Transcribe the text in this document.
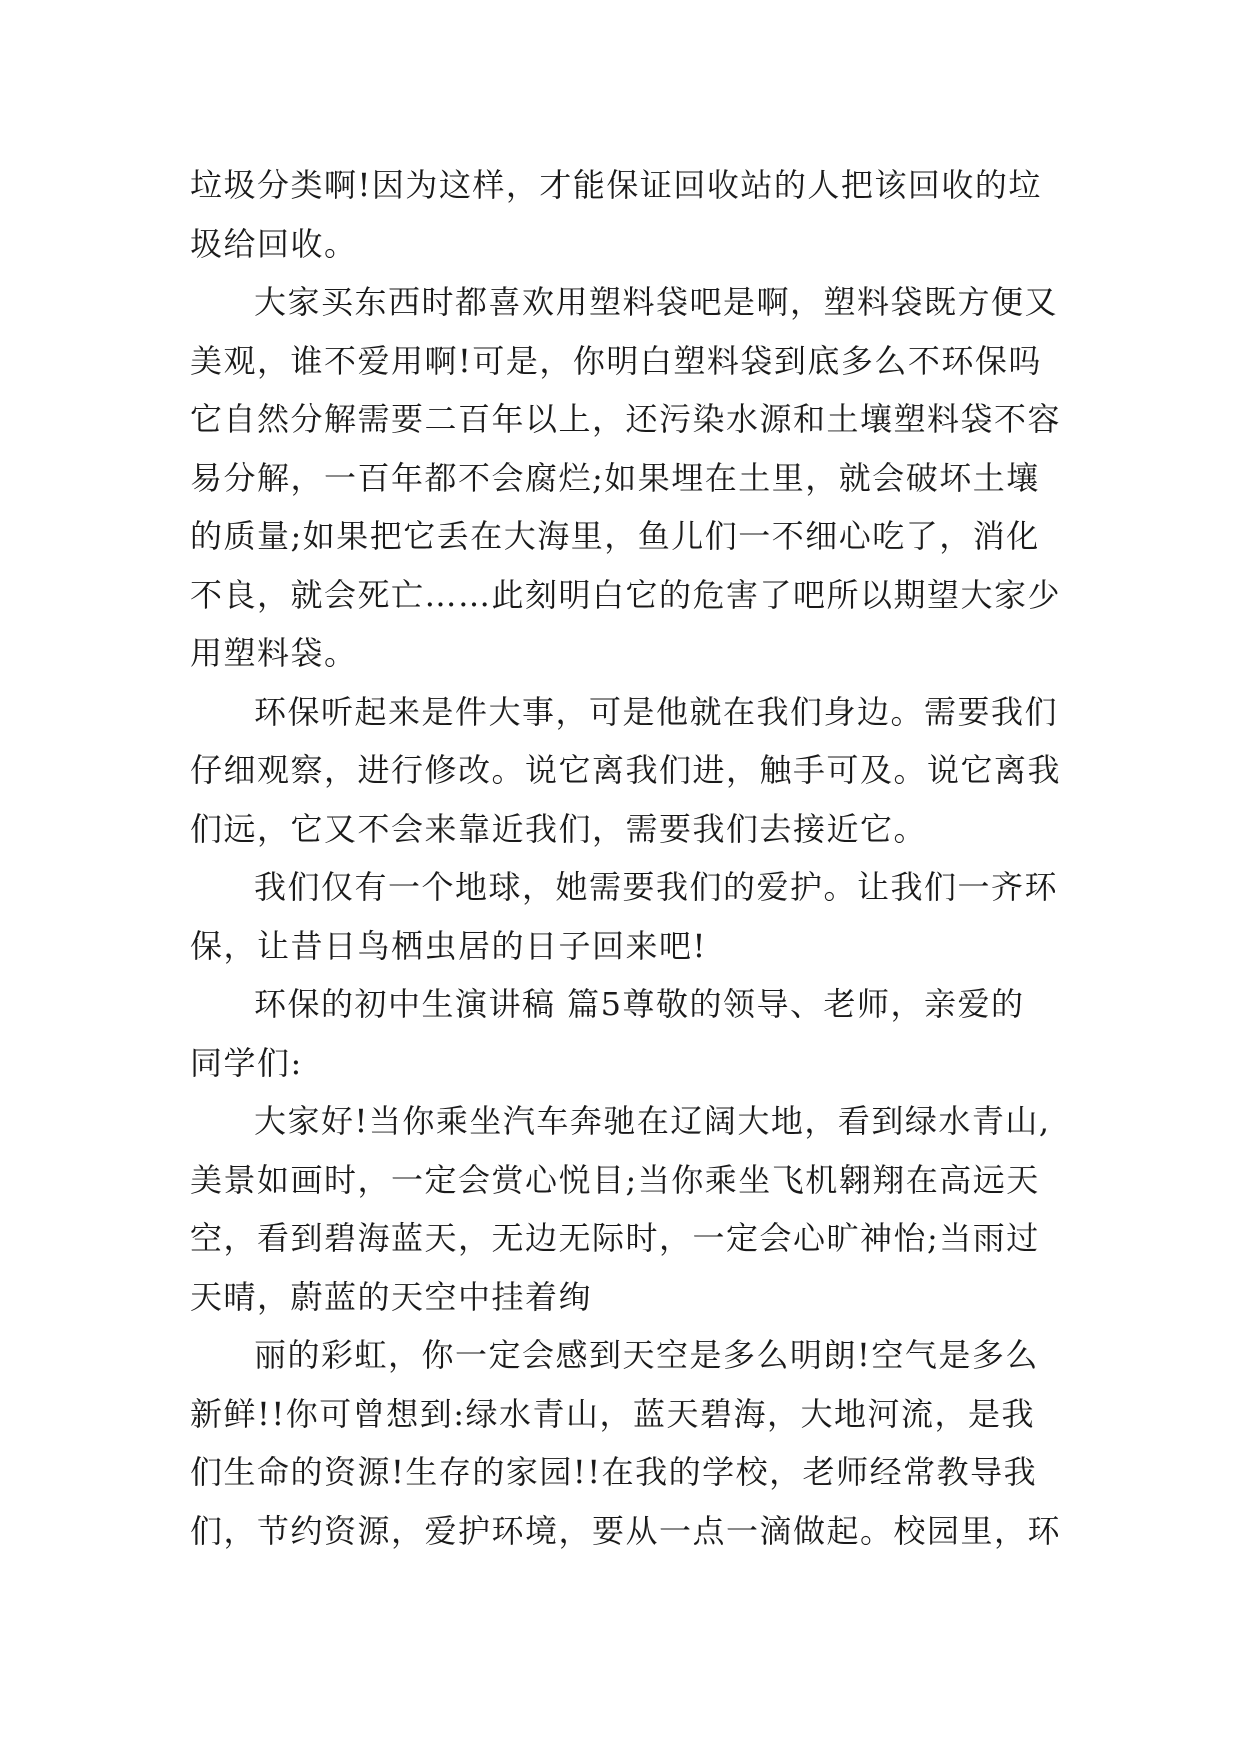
垃圾分类啊!因为这样，才能保证回收站的人把该回收的垃
圾给回收。
大家买东西时都喜欢用塑料袋吧是啊，塑料袋既方便又
美观，谁不爱用啊!可是，你明白塑料袋到底多么不环保吗
它自然分解需要二百年以上，还污染水源和土壤塑料袋不容
易分解，一百年都不会腐烂;如果埋在土里，就会破坏土壤
的质量;如果把它丢在大海里，鱼儿们一不细心吃了，消化
不良，就会死亡……此刻明白它的危害了吧所以期望大家少
用塑料袋。
环保听起来是件大事，可是他就在我们身边。需要我们
仔细观察，进行修改。说它离我们进，触手可及。说它离我
们远，它又不会来靠近我们，需要我们去接近它。
我们仅有一个地球，她需要我们的爱护。让我们一齐环
保，让昔日鸟栖虫居的日子回来吧!
环保的初中生演讲稿 篇5尊敬的领导、老师，亲爱的
同学们:
大家好!当你乘坐汽车奔驰在辽阔大地，看到绿水青山,
美景如画时，一定会赏心悦目;当你乘坐飞机翱翔在高远天
空，看到碧海蓝天，无边无际时，一定会心旷神怡;当雨过
天晴，蔚蓝的天空中挂着绚
丽的彩虹，你一定会感到天空是多么明朗!空气是多么
新鲜!!你可曾想到:绿水青山，蓝天碧海，大地河流，是我
们生命的资源!生存的家园!!在我的学校，老师经常教导我
们，节约资源，爱护环境，要从一点一滴做起。校园里，环
